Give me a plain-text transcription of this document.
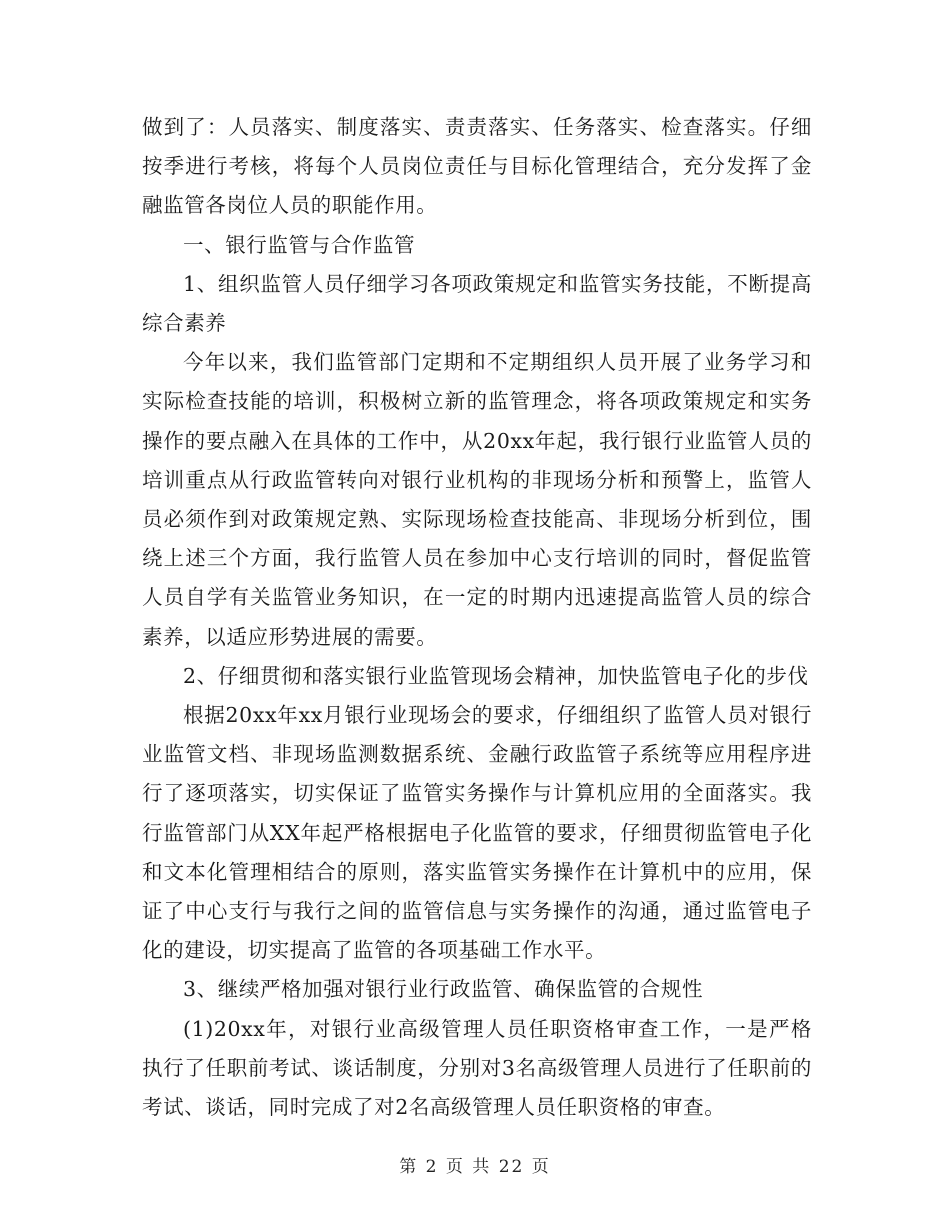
做到了：人员落实、制度落实、责责落实、任务落实、检查落实。仔细按季进行考核，将每个人员岗位责任与目标化管理结合，充分发挥了金融监管各岗位人员的职能作用。

一、银行监管与合作监管

1、组织监管人员仔细学习各项政策规定和监管实务技能，不断提高综合素养

今年以来，我们监管部门定期和不定期组织人员开展了业务学习和实际检查技能的培训，积极树立新的监管理念，将各项政策规定和实务操作的要点融入在具体的工作中，从20xx年起，我行银行业监管人员的培训重点从行政监管转向对银行业机构的非现场分析和预警上，监管人员必须作到对政策规定熟、实际现场检查技能高、非现场分析到位，围绕上述三个方面，我行监管人员在参加中心支行培训的同时，督促监管人员自学有关监管业务知识，在一定的时期内迅速提高监管人员的综合素养，以适应形势进展的需要。

2、仔细贯彻和落实银行业监管现场会精神，加快监管电子化的步伐

根据20xx年xx月银行业现场会的要求，仔细组织了监管人员对银行业监管文档、非现场监测数据系统、金融行政监管子系统等应用程序进行了逐项落实，切实保证了监管实务操作与计算机应用的全面落实。我行监管部门从XX年起严格根据电子化监管的要求，仔细贯彻监管电子化和文本化管理相结合的原则，落实监管实务操作在计算机中的应用，保证了中心支行与我行之间的监管信息与实务操作的沟通，通过监管电子化的建设，切实提高了监管的各项基础工作水平。

3、继续严格加强对银行业行政监管、确保监管的合规性

(1)20xx年，对银行业高级管理人员任职资格审查工作，一是严格执行了任职前考试、谈话制度，分别对3名高级管理人员进行了任职前的考试、谈话，同时完成了对2名高级管理人员任职资格的审查。

第 2 页 共 22 页
